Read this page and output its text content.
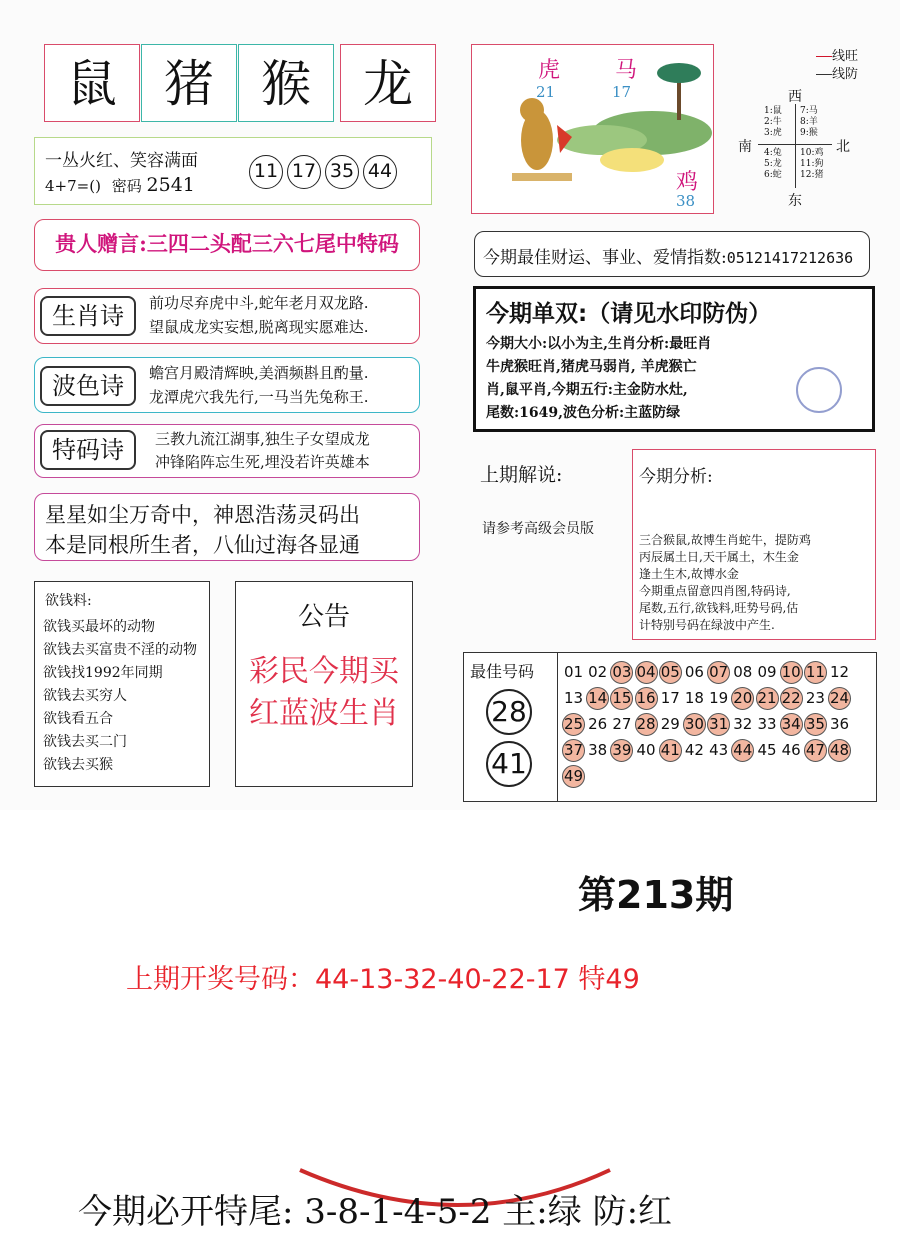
鼠 猪 猴	龙
一丛火红、笑容满面
4+7=() 密码 2541
11 17 35 44
贵人赠言:三四二头配三六七尾中特码
生肖诗	前功尽弃虎中斗,蛇年老月双龙路.
望鼠成龙实妄想,脱离现实愿难达.
波色诗	蟾宫月殿清辉映,美酒频斟且酌量.
龙潭虎穴我先行,一马当先兔称王.
特码诗	三教九流江湖事,独生子女望成龙
冲锋陷阵忘生死,埋没若许英雄本
星星如尘万奇中，神恩浩荡灵码出
本是同根所生者，八仙过海各显通
欲钱料:
欲钱买最坏的动物
欲钱去买富贵不淫的动物
欲钱找1992年同期
欲钱去买穷人
欲钱看五合
欲钱去买二门
欲钱去买猴
公告
彩民今期买
红蓝波生肖
虎
21
马
17
鸡
38
线旺
线防
西
南	北
东
1:鼠
2:牛
3:虎
7:马
8:羊
9:猴
4:兔
5:龙
6:蛇
10:鸡
11:狗
12:猪
今期最佳财运、事业、爱情指数:05121417212636
今期单双:（请见水印防伪）
今期大小:以小为主,生肖分析:最旺肖
牛虎猴旺肖,猪虎马弱肖, 羊虎猴亡
肖,鼠平肖,今期五行:主金防水灶,
尾数:1649,波色分析:主蓝防绿
上期解说:
请参考高级会员版
今期分析:
三合猴鼠,故博生肖蛇牛，提防鸡
丙辰属土日,天干属土，木生金
逢土生木,故博水金
今期重点留意四肖图,特码诗,
尾数,五行,欲钱料,旺势号码,估
计特别号码在绿波中产生.
最佳号码
28
41
01 02 03 04 05 06 07 08 09 10 11 12
13 14 15 16 17 18 19 20 21 22 23 24
25 26 27 28 29 30 31 32 33 34 35 36
37 38 39 40 41 42 43 44 45 46 47 48
49
第213期
上期开奖号码：44-13-32-40-22-17 特49
今期必开特尾: 3-8-1-4-5-2 主:绿 防:红
